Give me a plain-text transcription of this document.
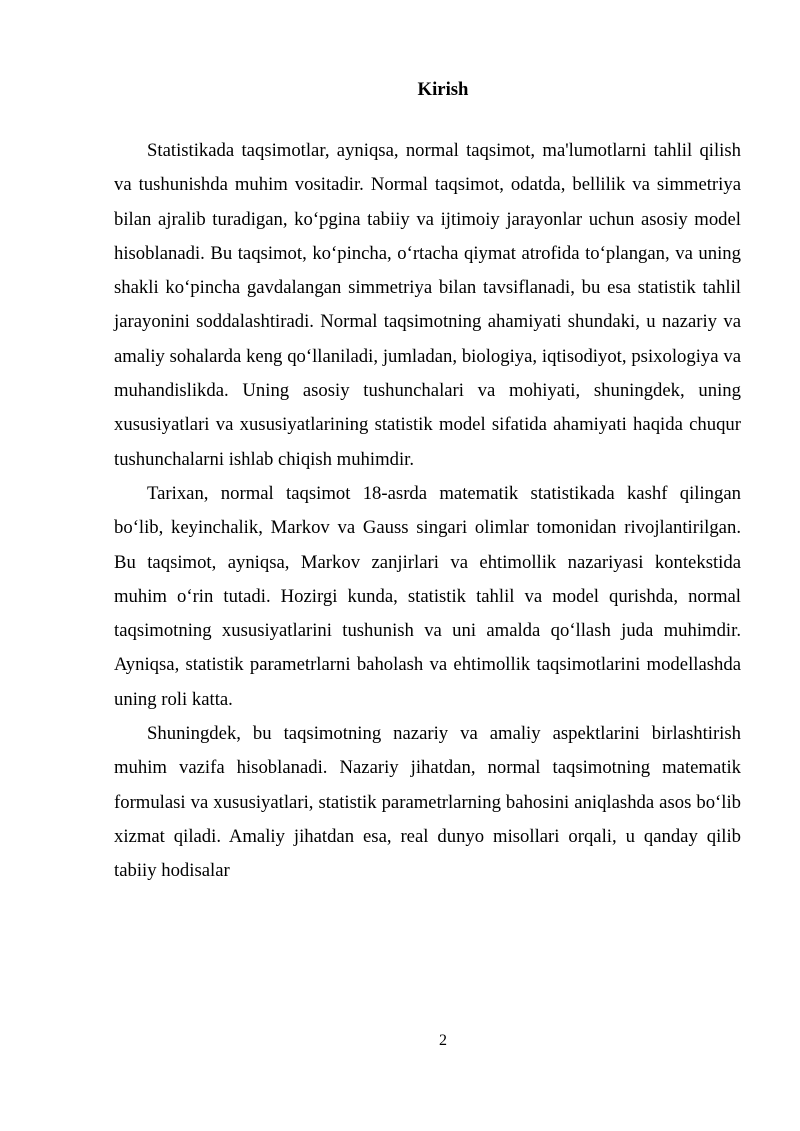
Kirish

Statistikada taqsimotlar, ayniqsa, normal taqsimot, ma'lumotlarni tahlil qilish va tushunishda muhim vositadir. Normal taqsimot, odatda, bellilik va simmetriya bilan ajralib turadigan, koʻpgina tabiiy va ijtimoiy jarayonlar uchun asosiy model hisoblanadi. Bu taqsimot, koʻpincha, oʻrtacha qiymat atrofida toʻplangan, va uning shakli koʻpincha gavdalangan simmetriya bilan tavsiflanadi, bu esa statistik tahlil jarayonini soddalashtiradi. Normal taqsimotning ahamiyati shundaki, u nazariy va amaliy sohalarda keng qoʻllaniladi, jumladan, biologiya, iqtisodiyot, psixologiya va muhandislikda. Uning asosiy tushunchalari va mohiyati, shuningdek, uning xususiyatlari va xususiyatlarining statistik model sifatida ahamiyati haqida chuqur tushunchalarni ishlab chiqish muhimdir.

Tarixan, normal taqsimot 18-asrda matematik statistikada kashf qilingan boʻlib, keyinchalik, Markov va Gauss singari olimlar tomonidan rivojlantirilgan. Bu taqsimot, ayniqsa, Markov zanjirlari va ehtimollik nazariyasi kontekstida muhim oʻrin tutadi. Hozirgi kunda, statistik tahlil va model qurishda, normal taqsimotning xususiyatlarini tushunish va uni amalda qoʻllash juda muhimdir. Ayniqsa, statistik parametrlarni baholash va ehtimollik taqsimotlarini modellashda uning roli katta.

Shuningdek, bu taqsimotning nazariy va amaliy aspektlarini birlashtirish muhim vazifa hisoblanadi. Nazariy jihatdan, normal taqsimotning matematik formulasi va xususiyatlari, statistik parametrlarning bahosini aniqlashda asos boʻlib xizmat qiladi. Amaliy jihatdan esa, real dunyo misollari orqali, u qanday qilib tabiiy hodisalar

2
